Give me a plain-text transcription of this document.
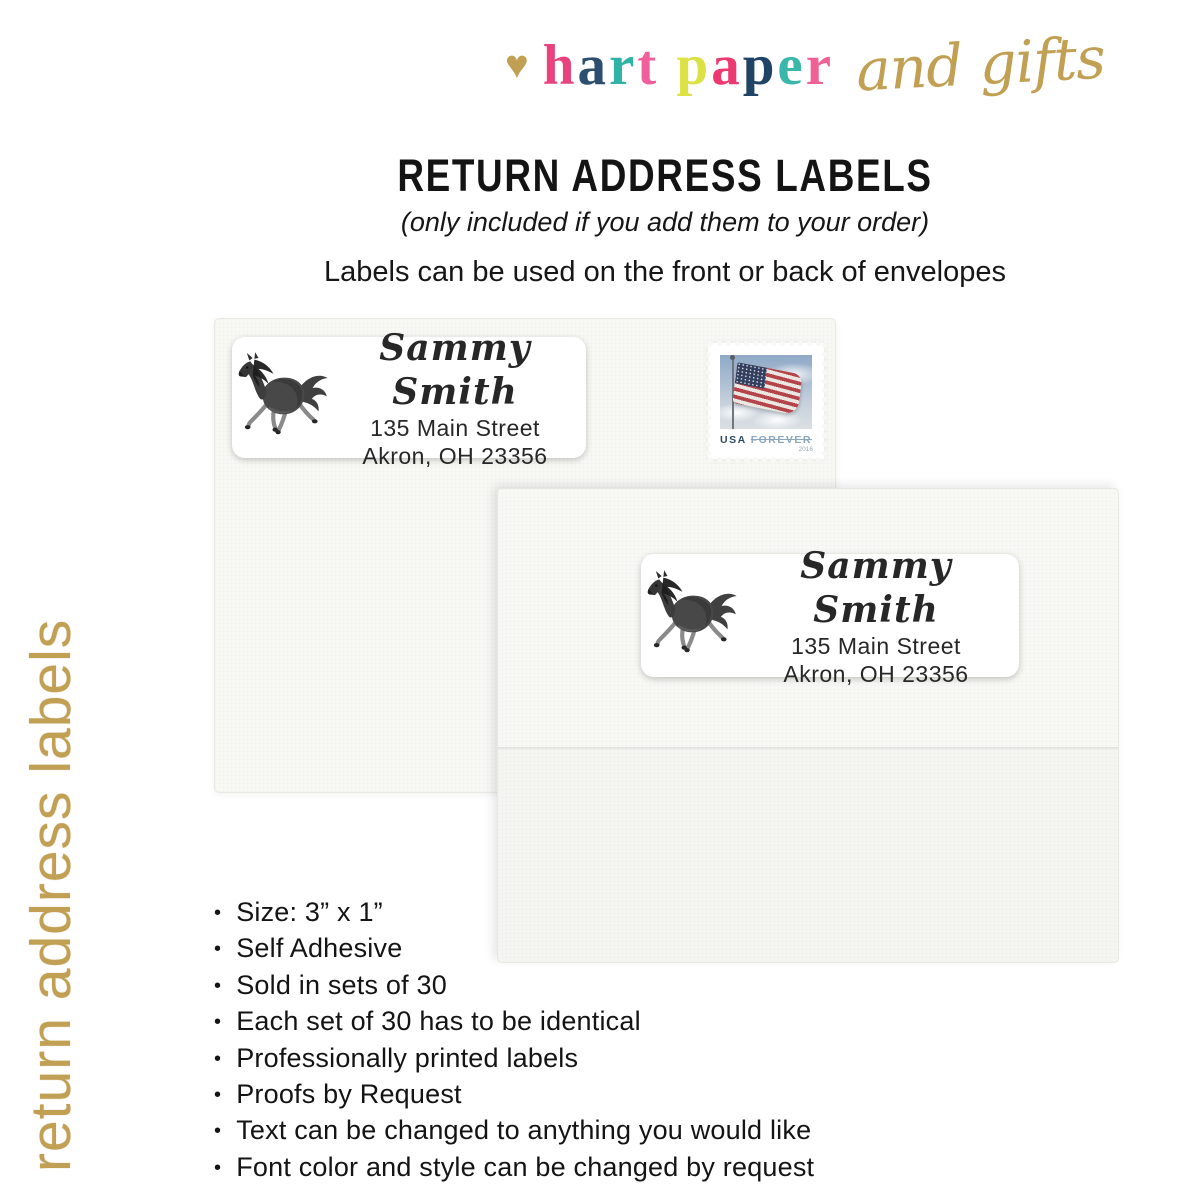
♥ hart paper and gifts
RETURN ADDRESS LABELS
(only included if you add them to your order)
Labels can be used on the front or back of envelopes
return address labels
Sammy Smith
135 Main Street
Akron, OH 23356
USA FOREVER
2016
Sammy Smith
135 Main Street
Akron, OH 23356
• Size: 3” x 1”
• Self Adhesive
• Sold in sets of 30
• Each set of 30 has to be identical
• Professionally printed labels
• Proofs by Request
• Text can be changed to anything you would like
• Font color and style can be changed by request
